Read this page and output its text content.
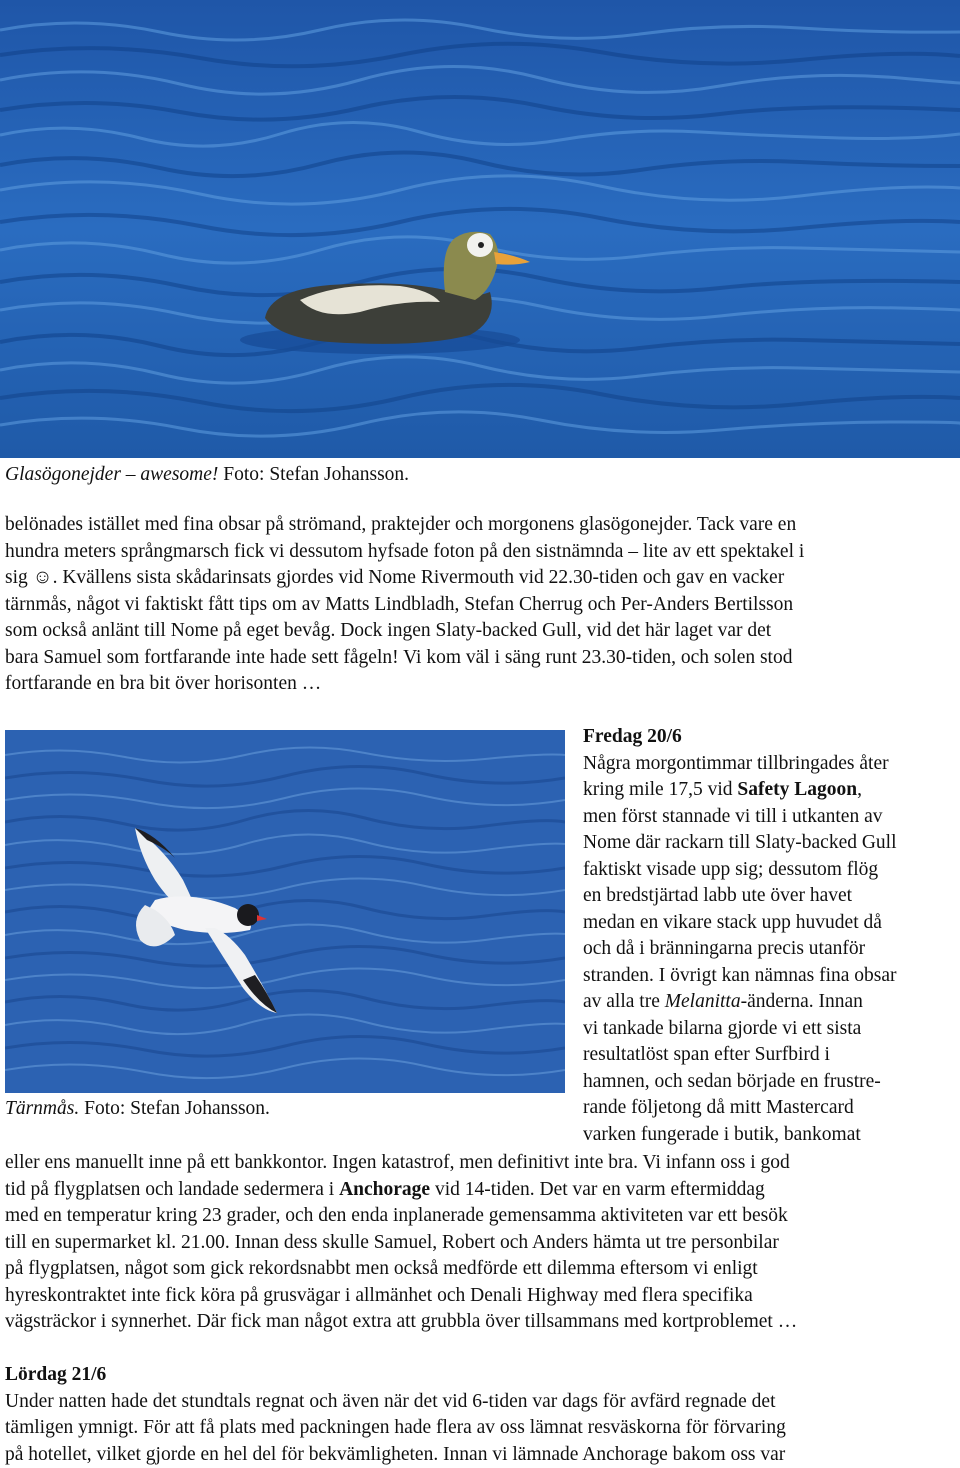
Glasögonejder – awesome! Foto: Stefan Johansson.
belönades istället med fina obsar på strömand, praktejder och morgonens glasögonejder. Tack vare en
hundra meters språngmarsch fick vi dessutom hyfsade foton på den sistnämnda – lite av ett spektakel i
sig ☺. Kvällens sista skådarinsats gjordes vid Nome Rivermouth vid 22.30-tiden och gav en vacker
tärnmås, något vi faktiskt fått tips om av Matts Lindbladh, Stefan Cherrug och Per-Anders Bertilsson
som också anlänt till Nome på eget bevåg. Dock ingen Slaty-backed Gull, vid det här laget var det
bara Samuel som fortfarande inte hade sett fågeln! Vi kom väl i säng runt 23.30-tiden, och solen stod
fortfarande en bra bit över horisonten …
Tärnmås. Foto: Stefan Johansson.
Fredag 20/6
Några morgontimmar tillbringades åter
kring mile 17,5 vid Safety Lagoon,
men först stannade vi till i utkanten av
Nome där rackarn till Slaty-backed Gull
faktiskt visade upp sig; dessutom flög
en bredstjärtad labb ute över havet
medan en vikare stack upp huvudet då
och då i bränningarna precis utanför
stranden. I övrigt kan nämnas fina obsar
av alla tre Melanitta-änderna. Innan
vi tankade bilarna gjorde vi ett sista
resultatlöst span efter Surfbird i
hamnen, och sedan började en frustre-
rande följetong då mitt Mastercard
varken fungerade i butik, bankomat
eller ens manuellt inne på ett bankkontor. Ingen katastrof, men definitivt inte bra. Vi infann oss i god
tid på flygplatsen och landade sedermera i Anchorage vid 14-tiden. Det var en varm eftermiddag
med en temperatur kring 23 grader, och den enda inplanerade gemensamma aktiviteten var ett besök
till en supermarket kl. 21.00. Innan dess skulle Samuel, Robert och Anders hämta ut tre personbilar
på flygplatsen, något som gick rekordsnabbt men också medförde ett dilemma eftersom vi enligt
hyreskontraktet inte fick köra på grusvägar i allmänhet och Denali Highway med flera specifika
vägsträckor i synnerhet. Där fick man något extra att grubbla över tillsammans med kortproblemet …
Lördag 21/6
Under natten hade det stundtals regnat och även när det vid 6-tiden var dags för avfärd regnade det
tämligen ymnigt. För att få plats med packningen hade flera av oss lämnat resväskorna för förvaring
på hotellet, vilket gjorde en hel del för bekvämligheten. Innan vi lämnade Anchorage bakom oss var
